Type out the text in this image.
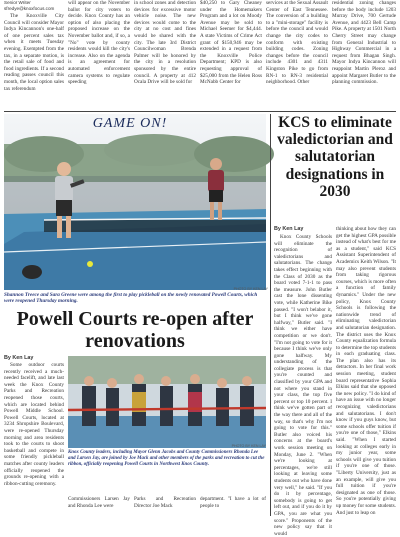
Senior Writer
sfredye@knoxfocus.com

The Knoxville City Council will consider Mayor Indya Kincannon's one-half of one percent sales tax when it meets Tuesday evening. Exempted from the tax, in a separate motion, is the retail sale of food and food ingredients. If a second reading passes council this month, the local option sales tax referendum

will appear on the November ballot for city voters to decide. Knox County has an option of also placing the proposed increase on the November ballot and, if so, a "No" vote by county residents would kill the city's increase. Also on the agenda is an agreement for automated enforcement camera systems to regulate speeding

in school zones and detection devices for excessive motor vehicle noise. The new devices would come to the city at no cost and fines would be shared with the city. The late 3rd District Councilwoman Brenda Palmer will be honored by the city in a resolution sponsored by the entire council. A property at 412 Ocala Drive will be sold for

$40,250 to Gary Cheaney under the Homemakers Program and a lot on Moody Avenue may be sold to Michael Seemer for $4,444. A state Victims of Crime Act grant of $150,946 may be extended in a request from the Knoxville Police Department; KPD is also requesting approval of $25,000 from the Helen Ross McNabb Center for

services at the Sexual Assault Center of East Tennessee. The conversion of a building to a "mini-storage" facility is before the council and would change the city codes to conform with existing building codes. Zoning changes before the council include 4301 and 4311 Kingston Pike to go from RN-1 to RN-3 residential neighborhood. Other

residential zoning changes before the body include 1203 Murray Drive, 700 Gertude Avenue, and 4423 Bell Camp Pike. A property at 1501 North Cherry Street may change from General Industrial to Highway Commercial in a request from Bhagan Singh. Mayor Indya Kincannon will reappoint Martin Pleroz and appoint Margaret Butler to the planning commission.

GAME ON!
Shannon Treece and Sara Greene were among the first to play pickleball on the newly renovated Powell Courts, which were reopened Thursday morning.
PHOTO BY KEN LAY
Powell Courts re-open after renovations
By Ken Lay

Some outdoor courts recently received a much-needed facelift, and late last week the Knox County Parks and Recreation reopened those courts, which are located behind Powell Middle School. Powell Courts, located at 3234 Shropshire Boulevard, were re-opened Thursday morning and area residents took to the courts to shoot basketball and compete in some friendly pickleball matches after county leaders officially reopened the grounds re-opening with a ribbon-cutting ceremony.

PHOTO BY KEN LAY
Knox County leaders, including Mayor Glenn Jacobs and County Commissioners Rhonda Lee and Larsen Jay, are joined by Joe Mack and other members of the parks and recreation to cut the ribbon, officially reopening Powell Courts in Northwest Knox County.

Commissioners Larsen Jay and Rhonda Lee were

Parks and Recreation Director Joe Mack

department. "I have a lot of people to

KCS to eliminate valedictorian and salutatorian designations in 2030
By Ken Lay

Knox County Schools will eliminate the recognition of valedictorians and salutatorians. The change takes effect beginning with the Class of 2030 as the board voted 7-1-1 to pass the measure. John Butler cast the lone dissenting vote, while Katherine Bike passed. "I won't belabor it, but I think we've gone halfway," Butler said. "I think we either have competition or we don't. "I'm not going to vote for it because I think we've only gone halfway. My understanding of the collegiate process is that you're counted and classified by your GPA and not where you stand in your class, the top five percent or top 10 percent. I think we've gotten part of the way there and all of the way, so that's why I'm not going to vote for this." Butler also voiced his concerns at the board's work session meeting on Monday, June 2. "When we're looking at percentages, we're still looking at leaving some students out who have done very well," he said. "If you do it by percentage, somebody is going to get left out, and if you do it by GPA, you are what you score." Proponents of the new policy say that it would

thinking about how they can get the highest GPA possible instead of what's best for me as a student," said KCS Assistant Superintendent of Academics Keith Wilson. "It may also prevent students from taking rigorous courses, which is more often a function of family dynamics." Under the new policy, Knox County Schools is following the nationwide trend of eliminating valedictorian and salutatorian designation. The district uses the Knox County equalization formula to determine the top students in each graduating class. The plan also has its detractors. In her final work session meeting, student board representative Sophia Elkins said that she opposed the new policy. "I do kind of have an issue with no longer recognizing valedictorians and salutatorians. I don't know if you guys know, but some schools offer tuition if you're one of those," Elkins said. "When I started looking at colleges early in my junior year, some schools will give you tuition if you're one of those. "Liberty University, just as an example, will give you full tuition if you're designated as one of those. So you're potentially giving up money for some students. And just to leap on
